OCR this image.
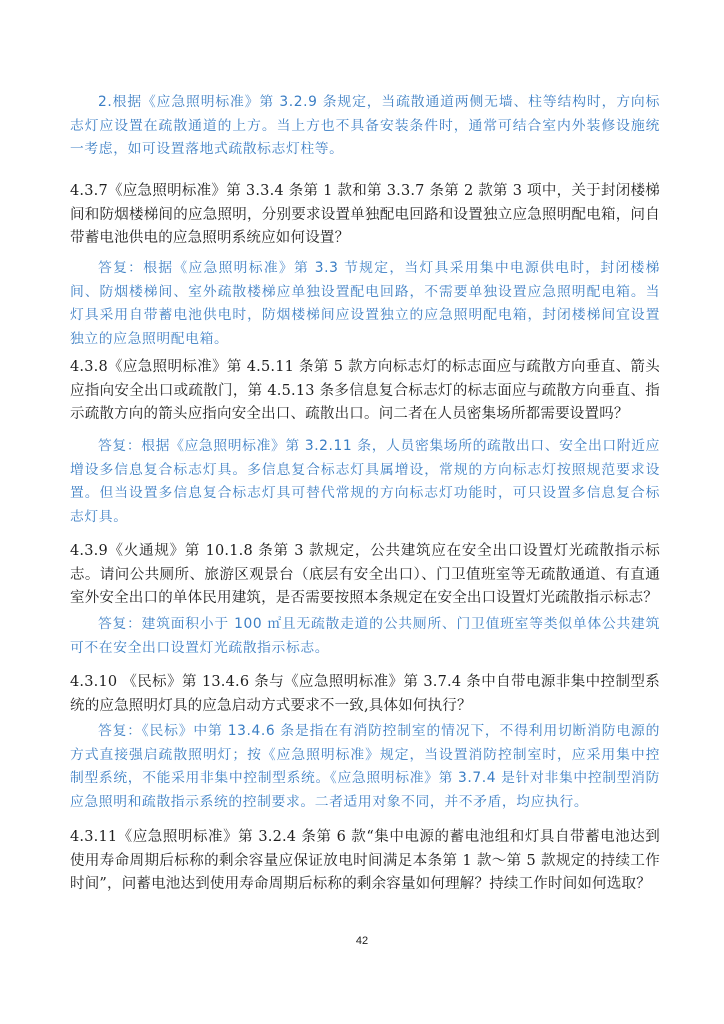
2.根据《应急照明标准》第 3.2.9 条规定，当疏散通道两侧无墙、柱等结构时，方向标志灯应设置在疏散通道的上方。当上方也不具备安装条件时，通常可结合室内外装修设施统一考虑，如可设置落地式疏散标志灯柱等。
4.3.7《应急照明标准》第 3.3.4 条第 1 款和第 3.3.7 条第 2 款第 3 项中，关于封闭楼梯间和防烟楼梯间的应急照明，分别要求设置单独配电回路和设置独立应急照明配电箱，问自带蓄电池供电的应急照明系统应如何设置？
答复：根据《应急照明标准》第 3.3 节规定，当灯具采用集中电源供电时，封闭楼梯间、防烟楼梯间、室外疏散楼梯应单独设置配电回路，不需要单独设置应急照明配电箱。当灯具采用自带蓄电池供电时，防烟楼梯间应设置独立的应急照明配电箱，封闭楼梯间宜设置独立的应急照明配电箱。
4.3.8《应急照明标准》第 4.5.11 条第 5 款方向标志灯的标志面应与疏散方向垂直、箭头应指向安全出口或疏散门，第 4.5.13 条多信息复合标志灯的标志面应与疏散方向垂直、指示疏散方向的箭头应指向安全出口、疏散出口。问二者在人员密集场所都需要设置吗？
答复：根据《应急照明标准》第 3.2.11 条，人员密集场所的疏散出口、安全出口附近应增设多信息复合标志灯具。多信息复合标志灯具属增设，常规的方向标志灯按照规范要求设置。但当设置多信息复合标志灯具可替代常规的方向标志灯功能时，可只设置多信息复合标志灯具。
4.3.9《火通规》第 10.1.8 条第 3 款规定，公共建筑应在安全出口设置灯光疏散指示标志。请问公共厕所、旅游区观景台（底层有安全出口）、门卫值班室等无疏散通道、有直通室外安全出口的单体民用建筑，是否需要按照本条规定在安全出口设置灯光疏散指示标志？
答复：建筑面积小于 100 ㎡且无疏散走道的公共厕所、门卫值班室等类似单体公共建筑可不在安全出口设置灯光疏散指示标志。
4.3.10 《民标》第 13.4.6 条与《应急照明标准》第 3.7.4 条中自带电源非集中控制型系统的应急照明灯具的应急启动方式要求不一致,具体如何执行？
答复：《民标》中第 13.4.6 条是指在有消防控制室的情况下，不得利用切断消防电源的方式直接强启疏散照明灯；按《应急照明标准》规定，当设置消防控制室时，应采用集中控制型系统，不能采用非集中控制型系统。《应急照明标准》第 3.7.4 是针对非集中控制型消防应急照明和疏散指示系统的控制要求。二者适用对象不同，并不矛盾，均应执行。
4.3.11《应急照明标准》第 3.2.4 条第 6 款“集中电源的蓄电池组和灯具自带蓄电池达到使用寿命周期后标称的剩余容量应保证放电时间满足本条第 1 款～第 5 款规定的持续工作时间”，问蓄电池达到使用寿命周期后标称的剩余容量如何理解？持续工作时间如何选取？
42
